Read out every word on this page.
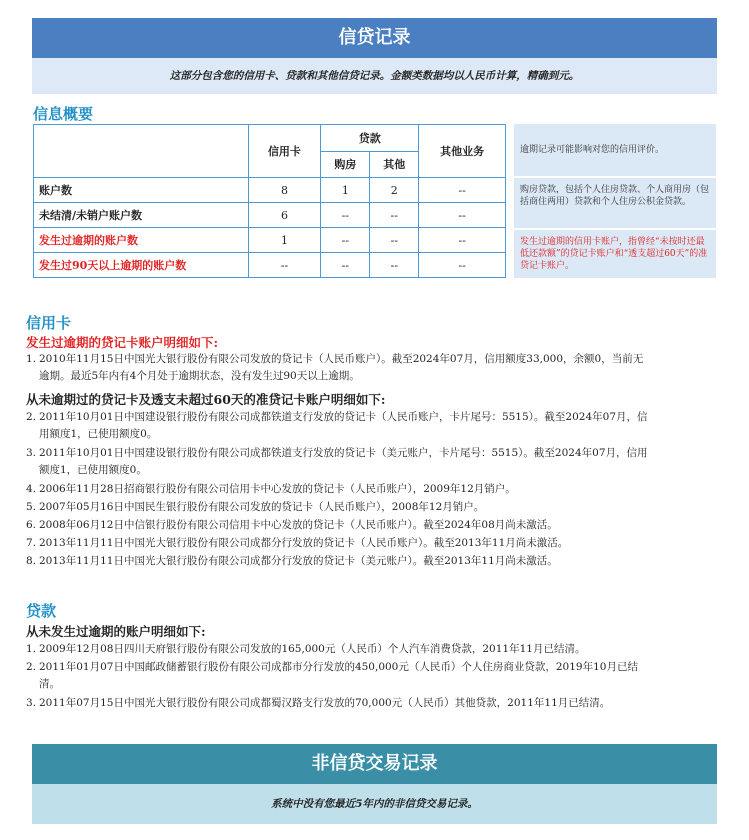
信贷记录
这部分包含您的信用卡、贷款和其他信贷记录。金额类数据均以人民币计算，精确到元。
信息概要
	信用卡	贷款		其他业务
		购房	其他	
账户数	8	1	2	--
未结清/未销户账户数	6	--	--	--
发生过逾期的账户数	1	--	--	--
发生过90天以上逾期的账户数	--	--	--	--
逾期记录可能影响对您的信用评价。
购房贷款，包括个人住房贷款、个人商用房（包括商住两用）贷款和个人住房公积金贷款。
发生过逾期的信用卡账户，指曾经“未按时还最低还款额”的贷记卡账户和“透支超过60天”的准贷记卡账户。
信用卡
发生过逾期的贷记卡账户明细如下:
1. 2010年11月15日中国光大银行股份有限公司发放的贷记卡（人民币账户）。截至2024年07月，信用额度33,000，余额0，当前无
逾期。最近5年内有4个月处于逾期状态，没有发生过90天以上逾期。
从未逾期过的贷记卡及透支未超过60天的准贷记卡账户明细如下:
2. 2011年10月01日中国建设银行股份有限公司成都铁道支行发放的贷记卡（人民币账户，卡片尾号：5515）。截至2024年07月，信
用额度1，已使用额度0。
3. 2011年10月01日中国建设银行股份有限公司成都铁道支行发放的贷记卡（美元账户，卡片尾号：5515）。截至2024年07月，信用
额度1，已使用额度0。
4. 2006年11月28日招商银行股份有限公司信用卡中心发放的贷记卡（人民币账户），2009年12月销户。
5. 2007年05月16日中国民生银行股份有限公司发放的贷记卡（人民币账户），2008年12月销户。
6. 2008年06月12日中信银行股份有限公司信用卡中心发放的贷记卡（人民币账户）。截至2024年08月尚未激活。
7. 2013年11月11日中国光大银行股份有限公司成都分行发放的贷记卡（人民币账户）。截至2013年11月尚未激活。
8. 2013年11月11日中国光大银行股份有限公司成都分行发放的贷记卡（美元账户）。截至2013年11月尚未激活。
贷款
从未发生过逾期的账户明细如下:
1. 2009年12月08日四川天府银行股份有限公司发放的165,000元（人民币）个人汽车消费贷款，2011年11月已结清。
2. 2011年01月07日中国邮政储蓄银行股份有限公司成都市分行发放的450,000元（人民币）个人住房商业贷款，2019年10月已结
清。
3. 2011年07月15日中国光大银行股份有限公司成都蜀汉路支行发放的70,000元（人民币）其他贷款，2011年11月已结清。
非信贷交易记录
系统中没有您最近5年内的非信贷交易记录。
